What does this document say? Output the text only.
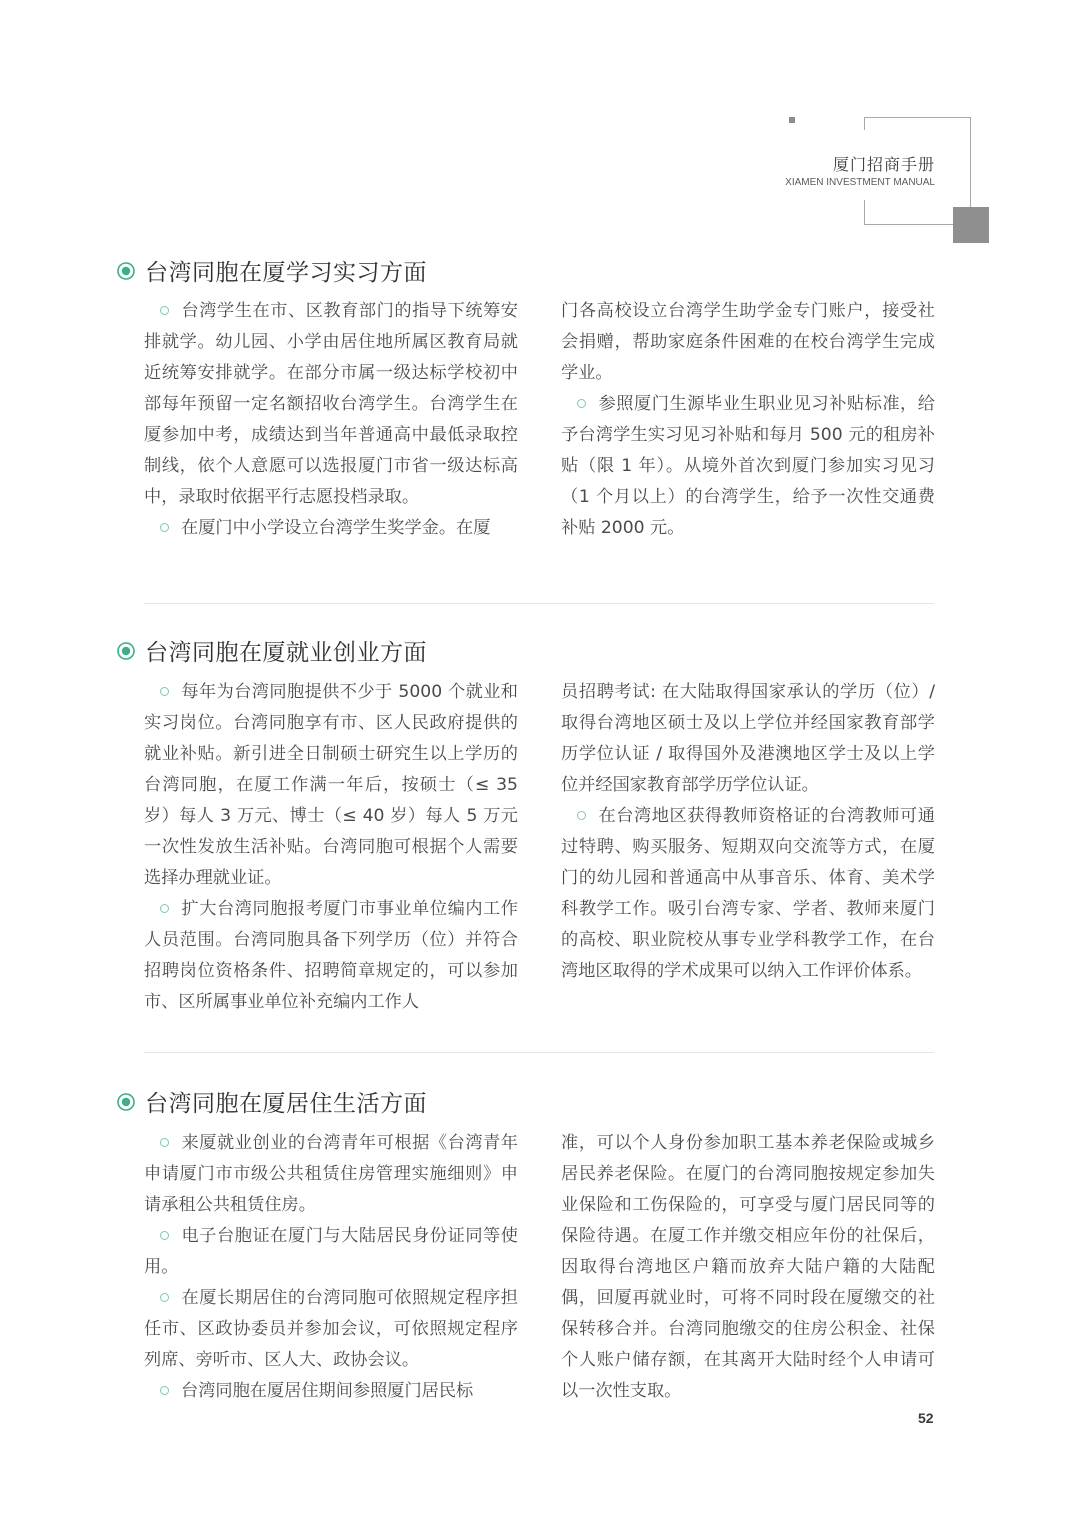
厦门招商手册
XIAMEN INVESTMENT MANUAL
台湾同胞在厦学习实习方面

台湾学生在市、区教育部门的指导下统筹安排就学。幼儿园、小学由居住地所属区教育局就近统筹安排就学。在部分市属一级达标学校初中部每年预留一定名额招收台湾学生。台湾学生在厦参加中考，成绩达到当年普通高中最低录取控制线，依个人意愿可以选报厦门市省一级达标高中，录取时依据平行志愿投档录取。

在厦门中小学设立台湾学生奖学金。在厦

门各高校设立台湾学生助学金专门账户，接受社会捐赠，帮助家庭条件困难的在校台湾学生完成学业。

参照厦门生源毕业生职业见习补贴标准，给予台湾学生实习见习补贴和每月 500 元的租房补贴（限 1 年）。从境外首次到厦门参加实习见习（1 个月以上）的台湾学生，给予一次性交通费补贴 2000 元。

台湾同胞在厦就业创业方面

每年为台湾同胞提供不少于 5000 个就业和实习岗位。台湾同胞享有市、区人民政府提供的就业补贴。新引进全日制硕士研究生以上学历的台湾同胞，在厦工作满一年后，按硕士（≤ 35 岁）每人 3 万元、博士（≤ 40 岁）每人 5 万元一次性发放生活补贴。台湾同胞可根据个人需要选择办理就业证。

扩大台湾同胞报考厦门市事业单位编内工作人员范围。台湾同胞具备下列学历（位）并符合招聘岗位资格条件、招聘简章规定的，可以参加市、区所属事业单位补充编内工作人

员招聘考试: 在大陆取得国家承认的学历（位）/ 取得台湾地区硕士及以上学位并经国家教育部学历学位认证 / 取得国外及港澳地区学士及以上学位并经国家教育部学历学位认证。

在台湾地区获得教师资格证的台湾教师可通过特聘、购买服务、短期双向交流等方式，在厦门的幼儿园和普通高中从事音乐、体育、美术学科教学工作。吸引台湾专家、学者、教师来厦门的高校、职业院校从事专业学科教学工作，在台湾地区取得的学术成果可以纳入工作评价体系。

台湾同胞在厦居住生活方面

来厦就业创业的台湾青年可根据《台湾青年申请厦门市市级公共租赁住房管理实施细则》申请承租公共租赁住房。

电子台胞证在厦门与大陆居民身份证同等使用。

在厦长期居住的台湾同胞可依照规定程序担任市、区政协委员并参加会议，可依照规定程序列席、旁听市、区人大、政协会议。

台湾同胞在厦居住期间参照厦门居民标

准，可以个人身份参加职工基本养老保险或城乡居民养老保险。在厦门的台湾同胞按规定参加失业保险和工伤保险的，可享受与厦门居民同等的保险待遇。在厦工作并缴交相应年份的社保后，因取得台湾地区户籍而放弃大陆户籍的大陆配偶，回厦再就业时，可将不同时段在厦缴交的社保转移合并。台湾同胞缴交的住房公积金、社保个人账户储存额，在其离开大陆时经个人申请可以一次性支取。

52
